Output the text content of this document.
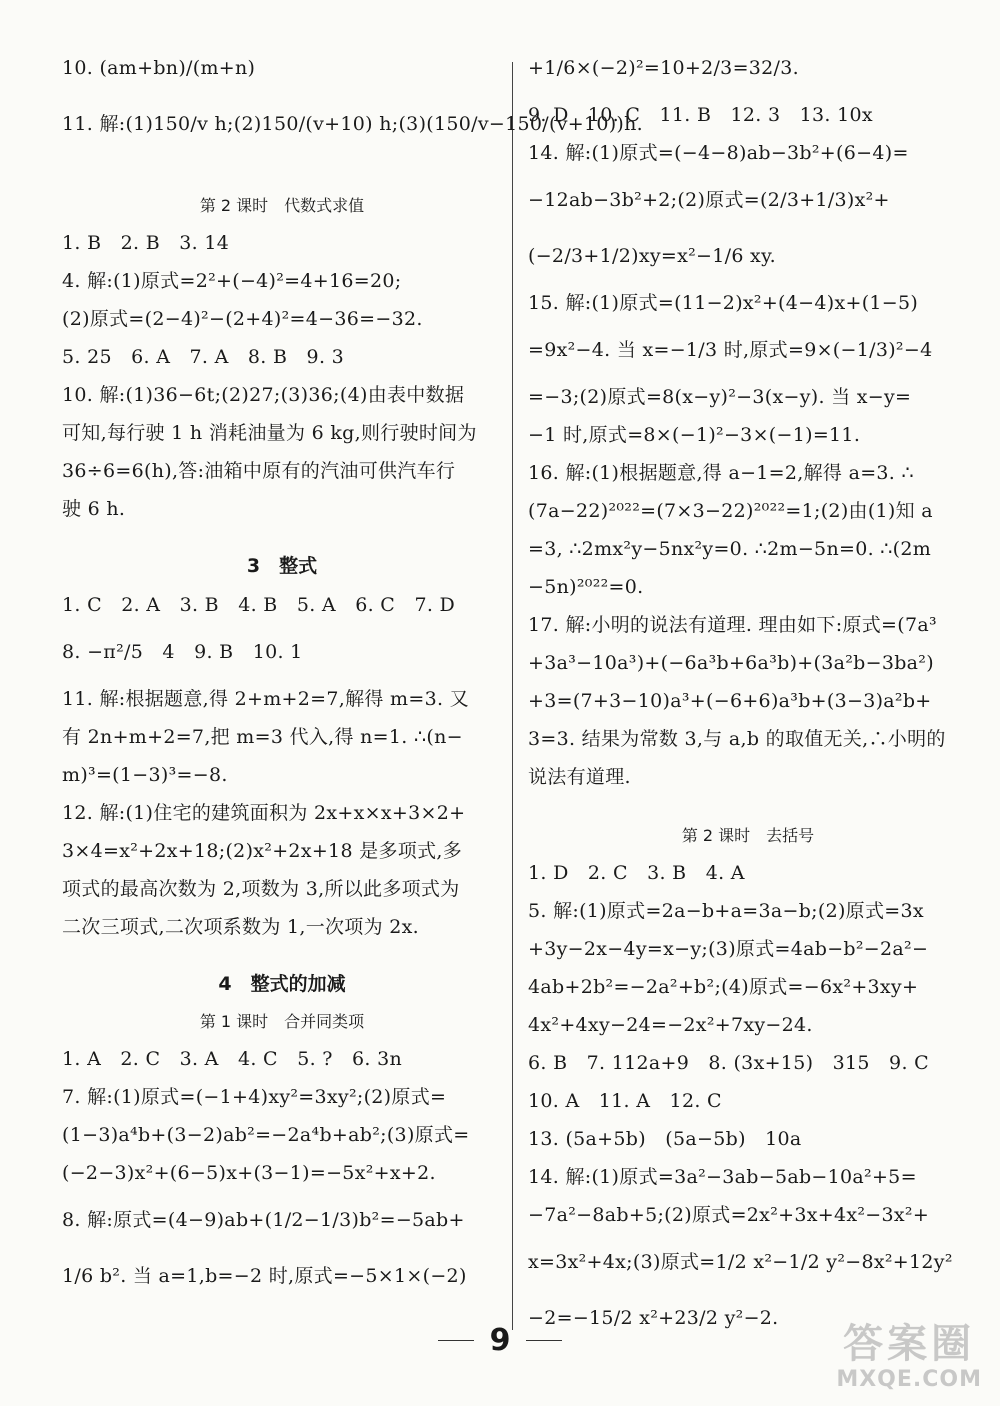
10. (am+bn)/(m+n)
11. 解:(1)150/v h;(2)150/(v+10) h;(3)(150/v−150/(v+10))h.
第 2 课时　代数式求值
1. B　2. B　3. 14
4. 解:(1)原式=2²+(−4)²=4+16=20;
(2)原式=(2−4)²−(2+4)²=4−36=−32.
5. 25　6. A　7. A　8. B　9. 3
10. 解:(1)36−6t;(2)27;(3)36;(4)由表中数据
可知,每行驶 1 h 消耗油量为 6 kg,则行驶时间为
36÷6=6(h),答:油箱中原有的汽油可供汽车行
驶 6 h.
3　整式
1. C　2. A　3. B　4. B　5. A　6. C　7. D
8. −π²/5　4　9. B　10. 1
11. 解:根据题意,得 2+m+2=7,解得 m=3. 又
有 2n+m+2=7,把 m=3 代入,得 n=1. ∴(n−
m)³=(1−3)³=−8.
12. 解:(1)住宅的建筑面积为 2x+x×x+3×2+
3×4=x²+2x+18;(2)x²+2x+18 是多项式,多
项式的最高次数为 2,项数为 3,所以此多项式为
二次三项式,二次项系数为 1,一次项为 2x.
4　整式的加减
第 1 课时　合并同类项
1. A　2. C　3. A　4. C　5. ?　6. 3n
7. 解:(1)原式=(−1+4)xy²=3xy²;(2)原式=
(1−3)a⁴b+(3−2)ab²=−2a⁴b+ab²;(3)原式=
(−2−3)x²+(6−5)x+(3−1)=−5x²+x+2.
8. 解:原式=(4−9)ab+(1/2−1/3)b²=−5ab+
1/6 b². 当 a=1,b=−2 时,原式=−5×1×(−2)
+1/6×(−2)²=10+2/3=32/3.
9. D　10. C　11. B　12. 3　13. 10x
14. 解:(1)原式=(−4−8)ab−3b²+(6−4)=
−12ab−3b²+2;(2)原式=(2/3+1/3)x²+
(−2/3+1/2)xy=x²−1/6 xy.
15. 解:(1)原式=(11−2)x²+(4−4)x+(1−5)
=9x²−4. 当 x=−1/3 时,原式=9×(−1/3)²−4
=−3;(2)原式=8(x−y)²−3(x−y). 当 x−y=
−1 时,原式=8×(−1)²−3×(−1)=11.
16. 解:(1)根据题意,得 a−1=2,解得 a=3. ∴
(7a−22)²⁰²²=(7×3−22)²⁰²²=1;(2)由(1)知 a
=3, ∴2mx²y−5nx²y=0. ∴2m−5n=0. ∴(2m
−5n)²⁰²²=0.
17. 解:小明的说法有道理. 理由如下:原式=(7a³
+3a³−10a³)+(−6a³b+6a³b)+(3a²b−3ba²)
+3=(7+3−10)a³+(−6+6)a³b+(3−3)a²b+
3=3. 结果为常数 3,与 a,b 的取值无关,∴小明的
说法有道理.
第 2 课时　去括号
1. D　2. C　3. B　4. A
5. 解:(1)原式=2a−b+a=3a−b;(2)原式=3x
+3y−2x−4y=x−y;(3)原式=4ab−b²−2a²−
4ab+2b²=−2a²+b²;(4)原式=−6x²+3xy+
4x²+4xy−24=−2x²+7xy−24.
6. B　7. 112a+9　8. (3x+15)　315　9. C
10. A　11. A　12. C
13. (5a+5b)　(5a−5b)　10a
14. 解:(1)原式=3a²−3ab−5ab−10a²+5=
−7a²−8ab+5;(2)原式=2x²+3x+4x²−3x²+
x=3x²+4x;(3)原式=1/2 x²−1/2 y²−8x²+12y²
−2=−15/2 x²+23/2 y²−2.
9	答案圈
MXQE.COM
